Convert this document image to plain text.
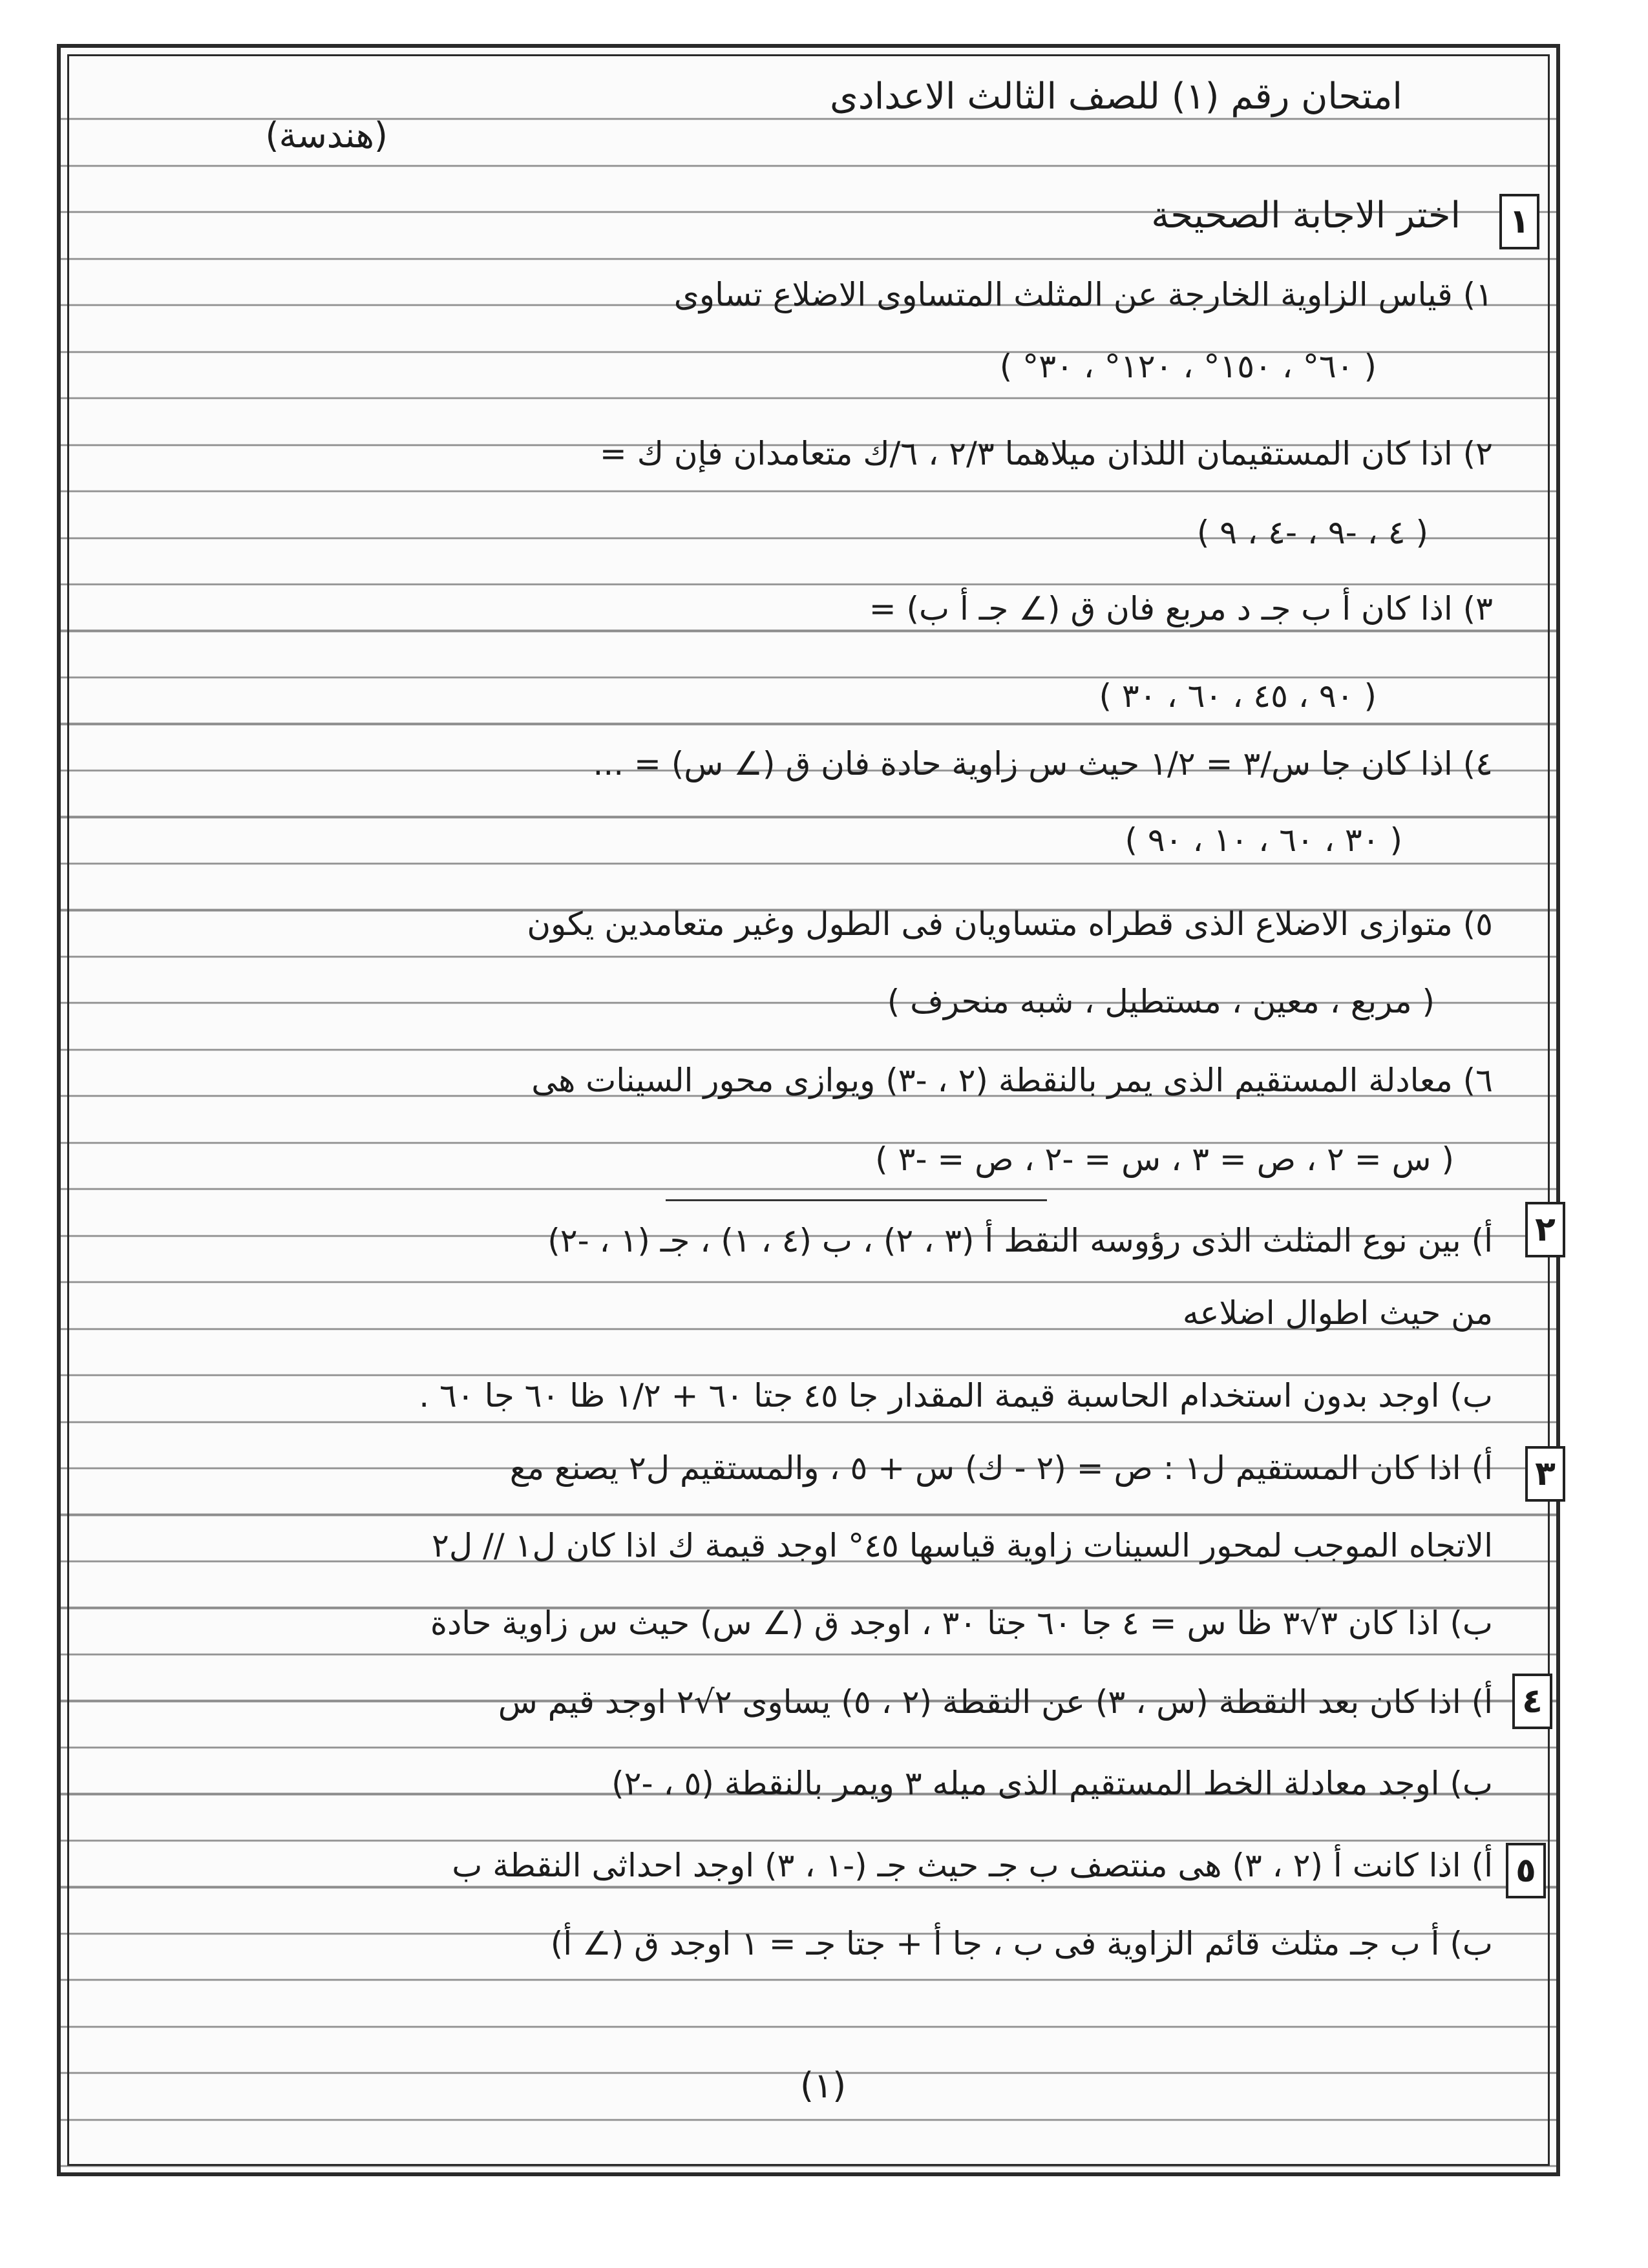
امتحان رقم (١) للصف الثالث الاعدادى
(هندسة)
١
اختر الاجابة الصحيحة
١) قياس الزاوية الخارجة عن المثلث المتساوى الاضلاع تساوى
( ٦٠° ، ١٥٠° ، ١٢٠° ، ٣٠° )
٢) اذا كان المستقيمان اللذان ميلاهما ٢/٣ ، ٦/ك متعامدان فإن ك =
( ٤ ، -٩ ، -٤ ، ٩ )
٣) اذا كان أ ب جـ د مربع فان ق (∠ جـ أ ب) =
( ٩٠ ، ٤٥ ، ٦٠ ، ٣٠ )
٤) اذا كان جا س/٣ = ١/٢ حيث س زاوية حادة فان ق (∠ س) = ...
( ٣٠ ، ٦٠ ، ١٠ ، ٩٠ )
٥) متوازى الاضلاع الذى قطراه متساويان فى الطول وغير متعامدين يكون
( مربع ، معين ، مستطيل ، شبه منحرف )
٦) معادلة المستقيم الذى يمر بالنقطة (٢ ، -٣) ويوازى محور السينات هى
( س = ٢ ، ص = ٣ ، س = -٢ ، ص = -٣ )
٢
أ) بين نوع المثلث الذى رؤوسه النقط أ (٣ ، ٢) ، ب (٤ ، ١) ، جـ (١ ، -٢)
من حيث اطوال اضلاعه
ب) اوجد بدون استخدام الحاسبة قيمة المقدار جا ٤٥ جتا ٦٠ + ١/٢ ظا ٦٠ جا ٦٠ .
٣
أ) اذا كان المستقيم ل١ : ص = (٢ - ك) س + ٥ ، والمستقيم ل٢ يصنع مع
الاتجاه الموجب لمحور السينات زاوية قياسها ٤٥° اوجد قيمة ك اذا كان ل١ // ل٢
ب) اذا كان ٣√٣ ظا س = ٤ جا ٦٠ جتا ٣٠ ، اوجد ق (∠ س) حيث س زاوية حادة
٤
أ) اذا كان بعد النقطة (س ، ٣) عن النقطة (٢ ، ٥) يساوى ٢√٢ اوجد قيم س
ب) اوجد معادلة الخط المستقيم الذى ميله ٣ ويمر بالنقطة (٥ ، -٢)
٥
أ) اذا كانت أ (٢ ، ٣) هى منتصف ب جـ حيث جـ (-١ ، ٣) اوجد احداثى النقطة ب
ب) أ ب جـ مثلث قائم الزاوية فى ب ، جا أ + جتا جـ = ١ اوجد ق (∠ أ)
(١)
